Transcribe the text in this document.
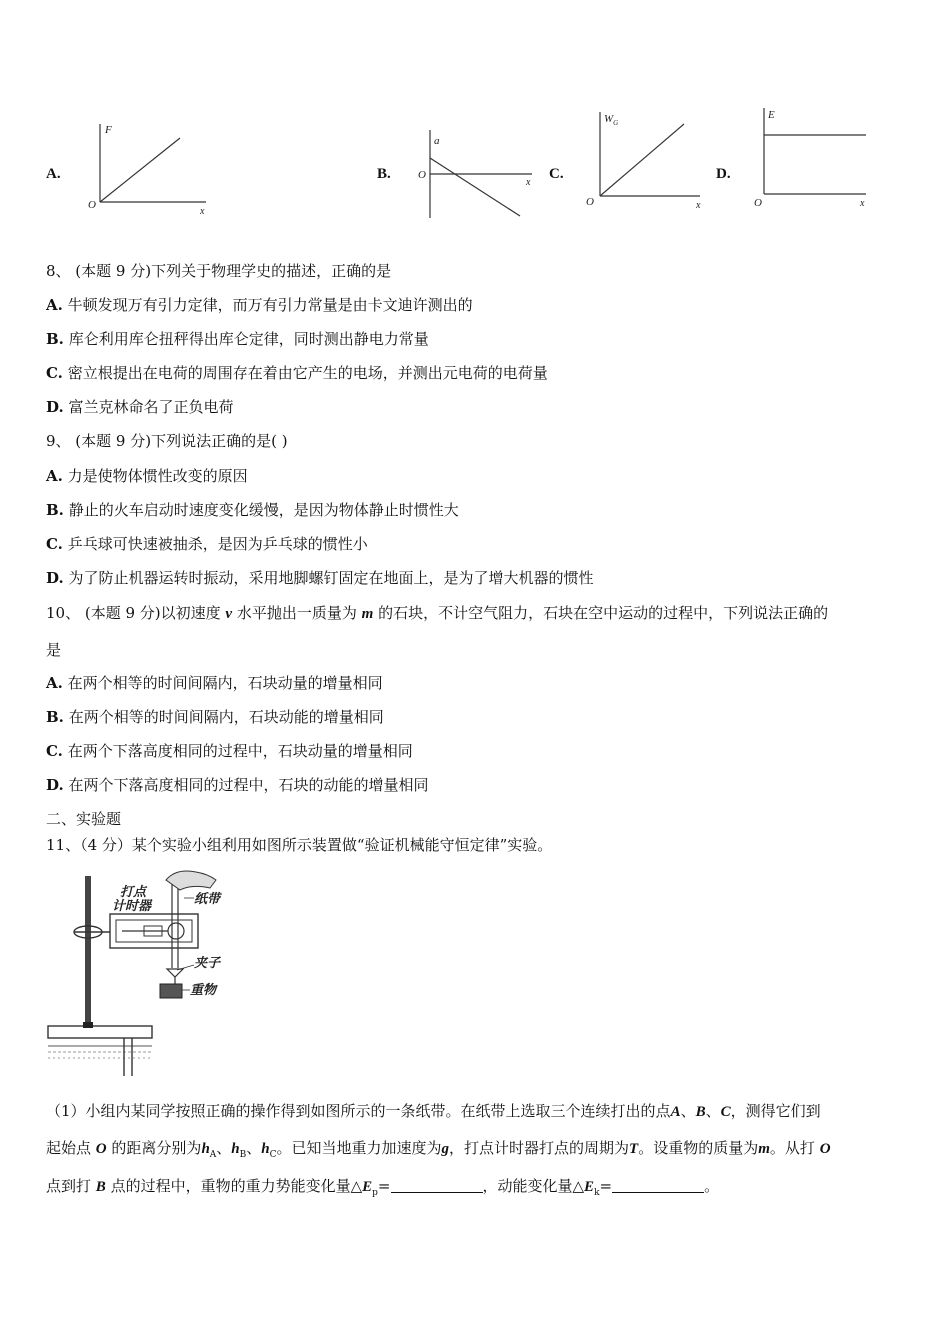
A.
F
x
O
B.
a
x
O	C.
$W_G$
x
O
D.
E
x
O
8、 (本题 9 分)下列关于物理学史的描述，正确的是
A. 牛顿发现万有引力定律，而万有引力常量是由卡文迪许测出的
B. 库仑利用库仑扭秤得出库仑定律，同时测出静电力常量
C. 密立根提出在电荷的周围存在着由它产生的电场，并测出元电荷的电荷量
D. 富兰克林命名了正负电荷
9、 (本题 9 分)下列说法正确的是( )
A. 力是使物体惯性改变的原因
B. 静止的火车启动时速度变化缓慢，是因为物体静止时惯性大
C. 乒乓球可快速被抽杀，是因为乒乓球的惯性小
D. 为了防止机器运转时振动，采用地脚螺钉固定在地面上，是为了增大机器的惯性
10、 (本题 9 分)以初速度 v 水平抛出一质量为 m 的石块，不计空气阻力，石块在空中运动的过程中，下列说法正确的
是
A. 在两个相等的时间间隔内，石块动量的增量相同
B. 在两个相等的时间间隔内，石块动能的增量相同
C. 在两个下落高度相同的过程中，石块动量的增量相同
D. 在两个下落高度相同的过程中，石块的动能的增量相同
二、实验题
11、（4 分）某个实验小组利用如图所示装置做“验证机械能守恒定律”实验。
打点
计时器	纸带
夹子
重物
（1）小组内某同学按照正确的操作得到如图所示的一条纸带。在纸带上选取三个连续打出的点A、B、C，测得它们到
起始点 O 的距离分别为$h_A$、$h_B$、$h_C$。已知当地重力加速度为g，打点计时器打点的周期为T。设重物的质量为m。从打 O
点到打 B 点的过程中，重物的重力势能变化量$\triangle E_p=$	，动能变化量$\triangle E_k=$	。
